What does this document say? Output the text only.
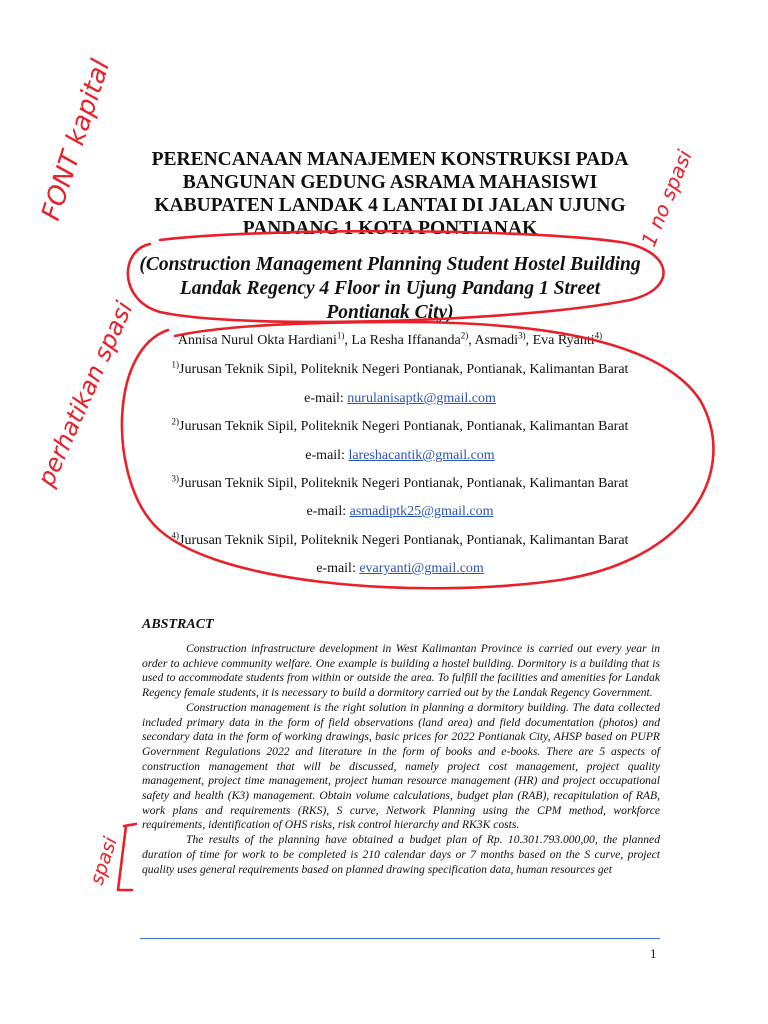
PERENCANAAN MANAJEMEN KONSTRUKSI PADA
BANGUNAN GEDUNG ASRAMA MAHASISWI
KABUPATEN LANDAK 4 LANTAI DI JALAN UJUNG
PANDANG 1 KOTA PONTIANAK
(Construction Management Planning Student Hostel Building
Landak Regency 4 Floor in Ujung Pandang 1 Street
Pontianak City)
Annisa Nurul Okta Hardiani$^{1)}$, La Resha Iffananda$^{2)}$, Asmadi$^{3)}$, Eva Ryanti$^{4)}$
$^{1)}$Jurusan Teknik Sipil, Politeknik Negeri Pontianak, Pontianak, Kalimantan Barat
e-mail: nurulanisaptk@gmail.com
$^{2)}$Jurusan Teknik Sipil, Politeknik Negeri Pontianak, Pontianak, Kalimantan Barat
e-mail: lareshacantik@gmail.com
$^{3)}$Jurusan Teknik Sipil, Politeknik Negeri Pontianak, Pontianak, Kalimantan Barat
e-mail: asmadiptk25@gmail.com
$^{4)}$Jurusan Teknik Sipil, Politeknik Negeri Pontianak, Pontianak, Kalimantan Barat
e-mail: evaryanti@gmail.com
ABSTRACT

Construction infrastructure development in West Kalimantan Province is carried out every year in order to achieve community welfare. One example is building a hostel building. Dormitory is a building that is used to accommodate students from within or outside the area. To fulfill the facilities and amenities for Landak Regency female students, it is necessary to build a dormitory carried out by the Landak Regency Government.

Construction management is the right solution in planning a dormitory building. The data collected included primary data in the form of field observations (land area) and field documentation (photos) and secondary data in the form of working drawings, basic prices for 2022 Pontianak City, AHSP based on PUPR Government Regulations 2022 and literature in the form of books and e-books. There are 5 aspects of construction management that will be discussed, namely project cost management, project quality management, project time management, project human resource management (HR) and project occupational safety and health (K3) management. Obtain volume calculations, budget plan (RAB), recapitulation of RAB, work plans and requirements (RKS), S curve, Network Planning using the CPM method, workforce requirements, identification of OHS risks, risk control hierarchy and RK3K costs.

The results of the planning have obtained a budget plan of Rp. 10.301.793.000,00, the planned duration of time for work to be completed is 210 calendar days or 7 months based on the S curve, project quality uses general requirements based on planned drawing specification data, human resources get

1
FONT kapital
perhatikan spasi
1 no spasi
spasi
